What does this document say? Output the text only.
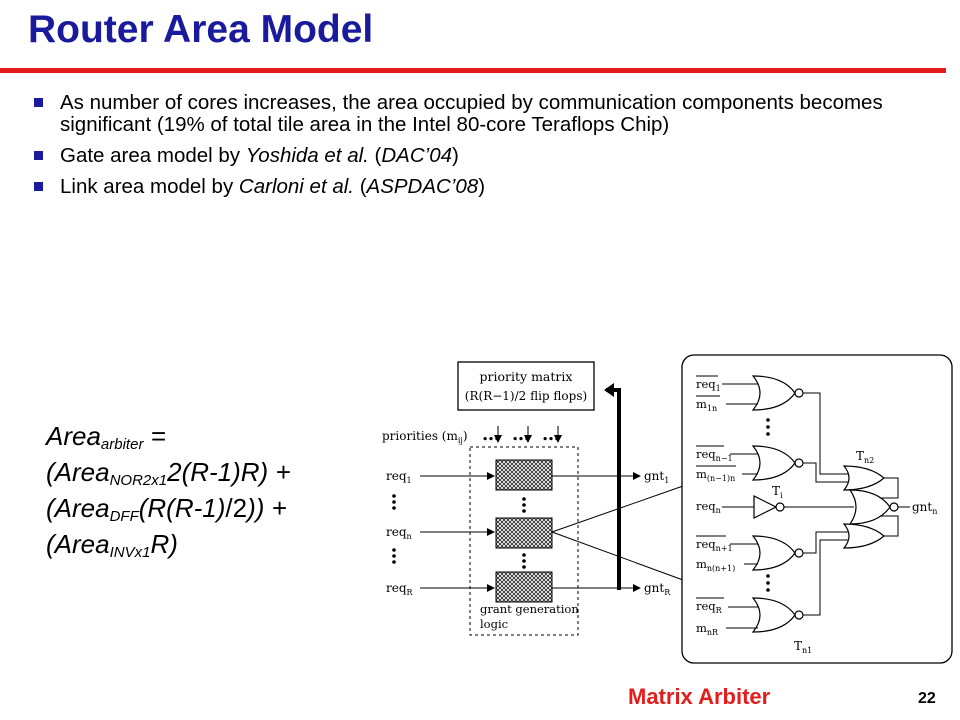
Router Area Model
As number of cores increases, the area occupied by communication components becomes significant (19% of total tile area in the Intel 80-core Teraflops Chip)
Gate area model by Yoshida et al. (DAC’04)
Link area model by Carloni et al. (ASPDAC’08)
Area$_{arbiter}$ =
(Area$_{NOR2x1}$2(R-1)R) +
(Area$_{DFF}$(R(R-1)/2)) +
(Area$_{INVx1}$R)
priority matrix
(R(R−1)/2 flip flops)
priorities $(m_{ij})$ … … …
grant generation
logic
req$_1$
req$_n$
req$_R$
gnt$_1$
gnt$_R$
req$_1$
$m_{1n}$
req$_{n-1}$
$m_{(n-1)n}$
req$_n$
$T_i$
req$_{n+1}$
$m_{n(n+1)}$
req$_R$
$m_{nR}$
gnt$_n$
$T_{n2}$
$T_{n1}$
Matrix Arbiter	22
